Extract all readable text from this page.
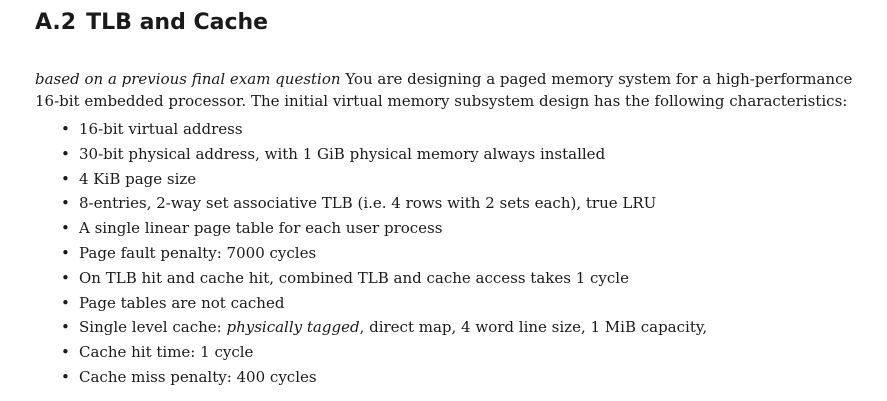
A.2 TLB and Cache

based on a previous final exam question You are designing a paged memory system for a high-performance 16-bit embedded processor. The initial virtual memory subsystem design has the following characteristics:

• 16-bit virtual address
• 30-bit physical address, with 1 GiB physical memory always installed
• 4 KiB page size
• 8-entries, 2-way set associative TLB (i.e. 4 rows with 2 sets each), true LRU
• A single linear page table for each user process
• Page fault penalty: 7000 cycles
• On TLB hit and cache hit, combined TLB and cache access takes 1 cycle
• Page tables are not cached
• Single level cache: physically tagged, direct map, 4 word line size, 1 MiB capacity,
• Cache hit time: 1 cycle
• Cache miss penalty: 400 cycles
